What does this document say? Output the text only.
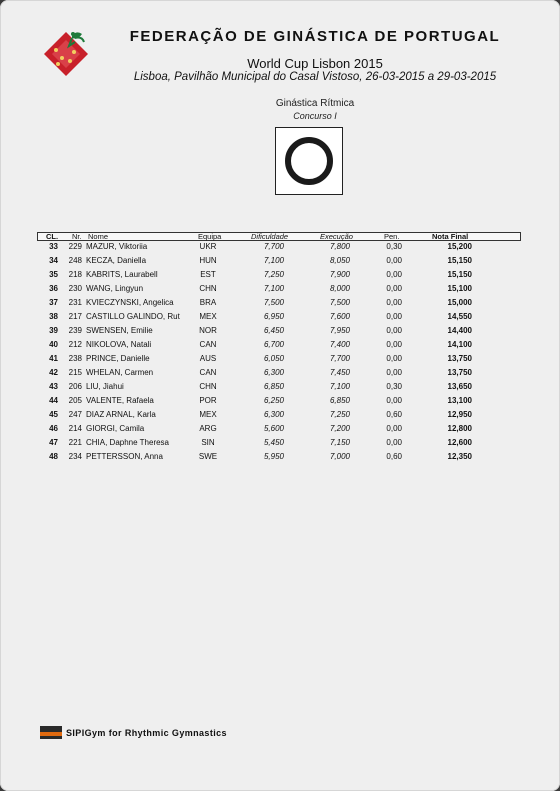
FEDERAÇÃO DE GINÁSTICA DE PORTUGAL
World Cup Lisbon 2015
Lisboa, Pavilhão Municipal do Casal Vistoso, 26-03-2015 a 29-03-2015
Ginástica Rítmica
Concurso I
CL. Nr. Nome	Equipa	Dificuldade	Execução	Pen.	Nota Final
33	229 MAZUR, Viktoriia	UKR	7,700	7,800	0,30	15,200
34	248 KECZA, Daniella	HUN	7,100	8,050	0,00	15,150
35	218 KABRITS, Laurabell	EST	7,250	7,900	0,00	15,150
36	230 WANG, Lingyun	CHN	7,100	8,000	0,00	15,100
37	231 KVIECZYNSKI, Angelica	BRA	7,500	7,500	0,00	15,000
38	217 CASTILLO GALINDO, Rut	MEX	6,950	7,600	0,00	14,550
39	239 SWENSEN, Emilie	NOR	6,450	7,950	0,00	14,400
40	212 NIKOLOVA, Natali	CAN	6,700	7,400	0,00	14,100
41	238 PRINCE, Danielle	AUS	6,050	7,700	0,00	13,750
42	215 WHELAN, Carmen	CAN	6,300	7,450	0,00	13,750
43	206 LIU, Jiahui	CHN	6,850	7,100	0,30	13,650
44	205 VALENTE, Rafaela	POR	6,250	6,850	0,00	13,100
45	247 DIAZ ARNAL, Karla	MEX	6,300	7,250	0,60	12,950
46	214 GIORGI, Camila	ARG	5,600	7,200	0,00	12,800
47	221 CHIA, Daphne Theresa	SIN	5,450	7,150	0,00	12,600
48	234 PETTERSSON, Anna	SWE	5,950	7,000	0,60	12,350
SIPIGym for Rhythmic Gymnastics
